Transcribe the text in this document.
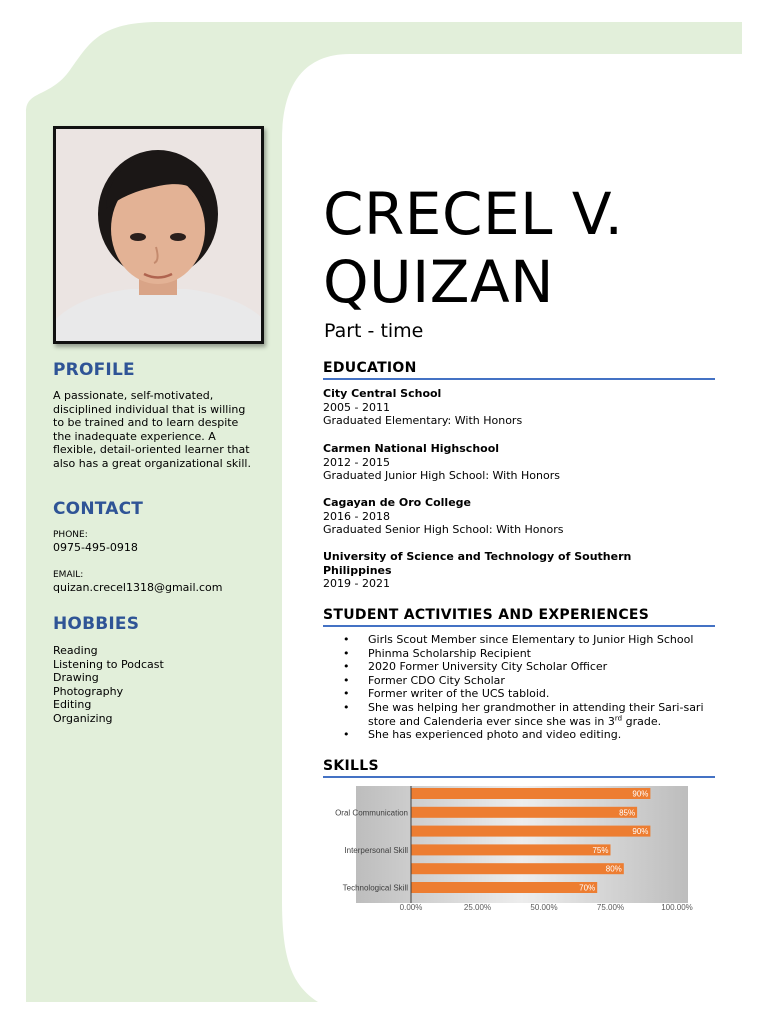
PROFILE
A passionate, self-motivated,
disciplined individual that is willing
to be trained and to learn despite
the inadequate experience. A
flexible, detail-oriented learner that
also has a great organizational skill.
CONTACT
PHONE:
0975-495-0918
EMAIL:
quizan.crecel1318@gmail.com
HOBBIES
Reading
Listening to Podcast
Drawing
Photography
Editing
Organizing
CRECEL V.
QUIZAN
Part - time
EDUCATION
City Central School
2005 - 2011
Graduated Elementary: With Honors
Carmen National Highschool
2012 - 2015
Graduated Junior High School: With Honors
Cagayan de Oro College
2016 - 2018
Graduated Senior High School: With Honors
University of Science and Technology of Southern
Philippines
2019 - 2021
STUDENT ACTIVITIES AND EXPERIENCES
• Girls Scout Member since Elementary to Junior High School
• Phinma Scholarship Recipient
• 2020 Former University City Scholar Officer
• Former CDO City Scholar
• Former writer of the UCS tabloid.
• She was helping her grandmother in attending their Sari-sari
store and Calenderia ever since she was in 3rd grade.
• She has experienced photo and video editing.
SKILLS
90%
85%
90%
75%
80%
70%
Oral Communication
Interpersonal Skill
Technological Skill
0.00%	25.00%	50.00%	75.00%	100.00%
